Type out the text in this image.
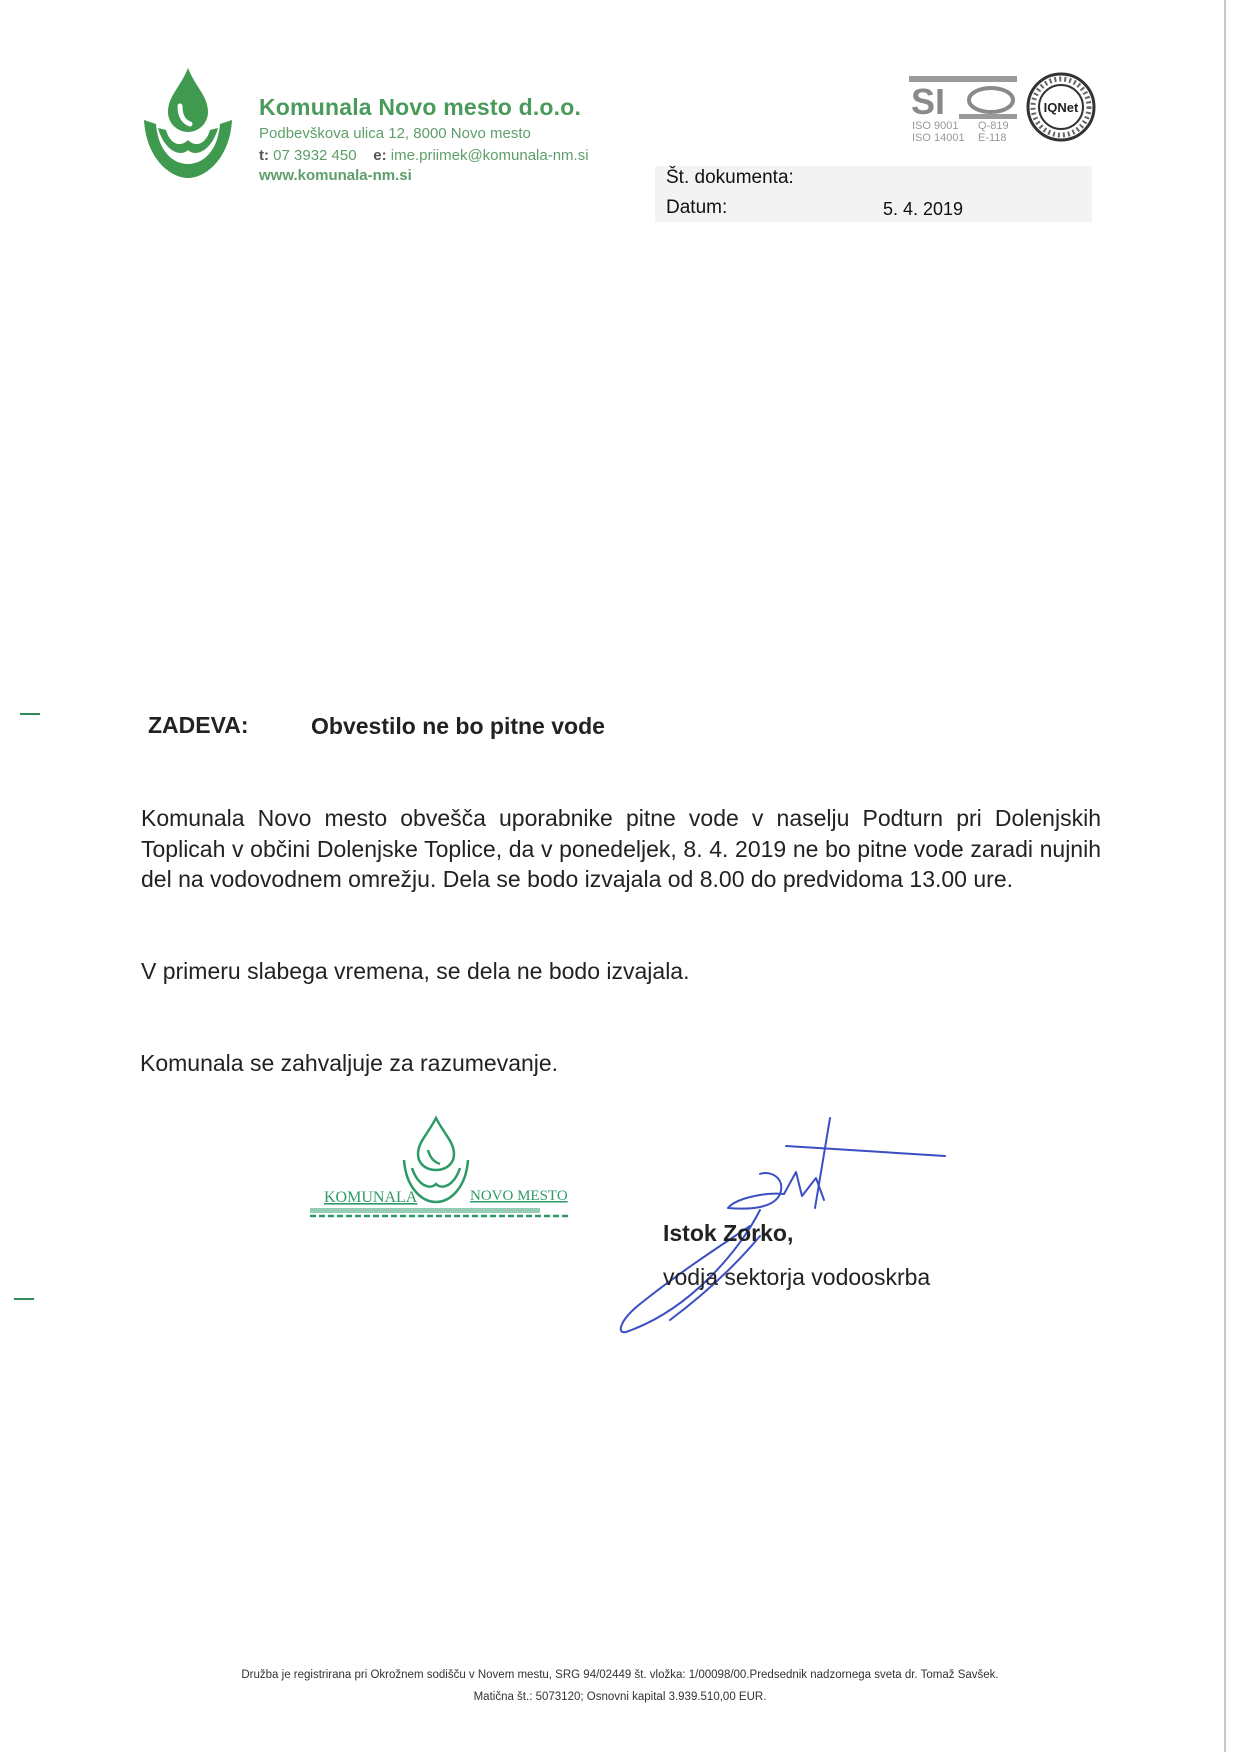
Komunala Novo mesto d.o.o.
Podbevškova ulica 12, 8000 Novo mesto
t: 07 3932 450 e: ime.priimek@komunala-nm.si
www.komunala-nm.si
SI
ISO 9001 Q-819
ISO 14001 E-118
IQNet
Št. dokumenta:
Datum:	5. 4. 2019
ZADEVA:	Obvestilo ne bo pitne vode
Komunala Novo mesto obvešča uporabnike pitne vode v naselju Podturn pri Dolenjskih Toplicah v občini Dolenjske Toplice, da v ponedeljek, 8. 4. 2019 ne bo pitne vode zaradi nujnih del na vodovodnem omrežju. Dela se bodo izvajala od 8.00 do predvidoma 13.00 ure.
V primeru slabega vremena, se dela ne bodo izvajala.
Komunala se zahvaljuje za razumevanje.
KOMUNALA	NOVO MESTO
Istok Zorko,
vodja sektorja vodooskrba
Družba je registrirana pri Okrožnem sodišču v Novem mestu, SRG 94/02449 št. vložka: 1/00098/00.Predsednik nadzornega sveta dr. Tomaž Savšek.
Matična št.: 5073120; Osnovni kapital 3.939.510,00 EUR.
